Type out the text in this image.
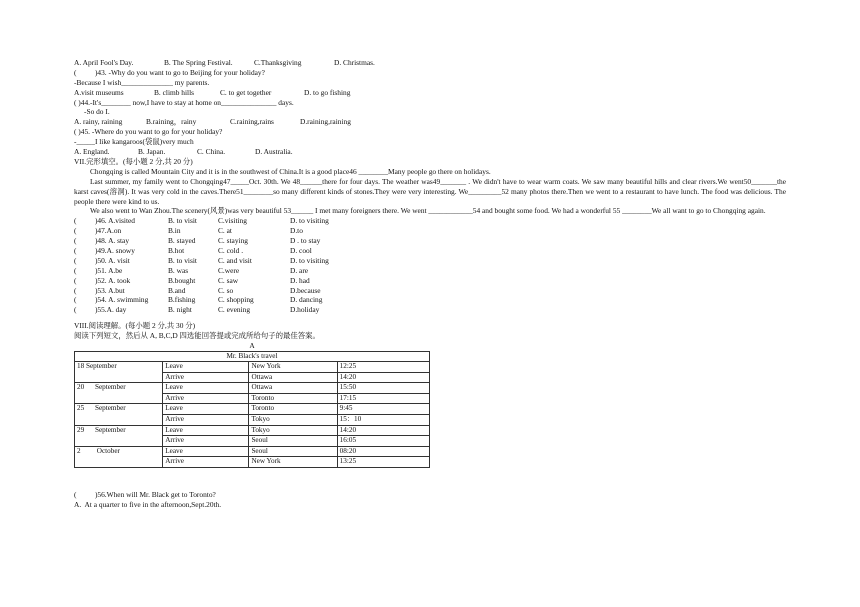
A. April Fool's Day.	B. The Spring Festival.	C.Thanksgiving	D. Christmas.
(          )43. -Why do you want to go to Beijing for your holiday?
-Because I wish______________ my parents.
A.visit museums	B. climb hills	C. to get together	D. to go fishing
( )44.-It's________ now,I have to stay at home on_______________ days.
-So do I.
A. rainy, raining	B.raining，rainy	C.raining,rains	D.raining,raining
( )45. -Where do you want to go for your holiday?
-_____I like kangaroos(袋鼠)very much
A. England.	B. Japan.	C. China.	D. Australia.
VII.完形填空。(每小题 2 分,共 20 分)
Chongqing is called Mountain City and it is in the southwest of China.It is a good place46 ________Many people go there on holidays.
Last summer, my family went to Chongqing47_____Oct. 30th. We 48______there for four days. The weather was49_______ . We didn't have to wear warm coats. We saw many beautiful hills and clear rivers.We went50_______the karst caves(溶洞). It was very cold in the caves.There51________so many different kinds of stones.They were very interesting. We_________52 many photos there.Then we went to a restaurant to have lunch. The food was delicious. The people there were kind to us.
We also went to Wan Zhou.The scenery(风景)was very beautiful 53______ I met many foreigners there. We went ____________54 and bought some food. We had a wonderful 55 ________We all want to go to Chongqing again.
(          )46. A.visited	B. to visit	C.visiting	D. to visiting
(          )47.A.on	B.in	C. at	D.to
(          )48. A. stay	B. stayed	C. staying	D . to stay
(          )49.A. snowy	B.hot	C. cold .	D. cool
(          )50. A. visit	B. to visit	C. and visit	D. to visiting
(          )51. A.be	B. was	C.were	D. are
(          )52. A. took	B.bought	C. saw	D. had
(          )53. A.but	B.and	C. so	D.because
(          )54. A. swimming	B.fishing	C. shopping	D. dancing
(          )55.A. day	B. night	C. evening	D.holiday
VIII.阅读理解。(每小题 2 分,共 30 分)
阅读下列短文，然后从 A, B,C,D 四选能回答提或完成所给句子的最佳答案。
A
Mr. Black's travel			
18 September	Leave	New York	12:25
	Arrive	Ottawa	14:20
20      September	Leave	Ottawa	15:50
	Arrive	Toronto	17:15
25      September	Leave	Toronto	9:45
	Arrive	Tokyo	15：10
29      September	Leave	Tokyo	14:20
	Arrive	Seoul	16:05
2         October	Leave	Seoul	08:20
	Arrive	New York	13:25
(          )56.When will Mr. Black get to Toronto?
A.  At a quarter to five in the afternoon,Sept.20th.
